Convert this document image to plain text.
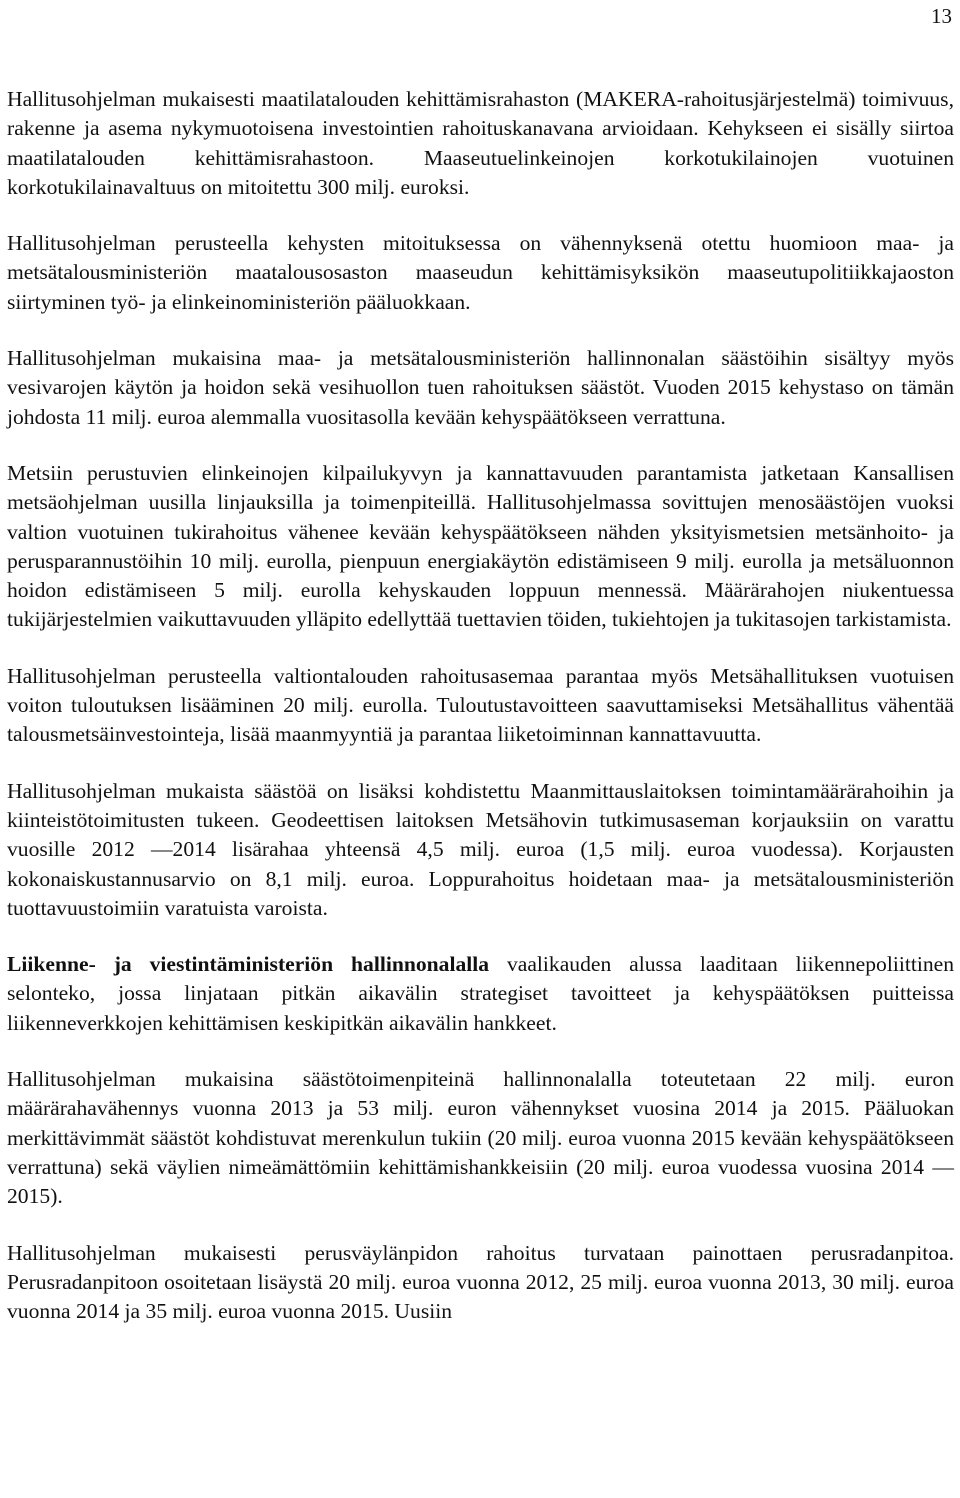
13

Hallitusohjelman mukaisesti maatilatalouden kehittämisrahaston (MAKERA-rahoitusjärjestelmä) toimivuus, rakenne ja asema nykymuotoisena investointien rahoituskanavana arvioidaan. Kehykseen ei sisälly siirtoa maatilatalouden kehittämisrahastoon. Maaseutuelinkeinojen korkotukilainojen vuotuinen korkotukilainavaltuus on mitoitettu 300 milj. euroksi.

Hallitusohjelman perusteella kehysten mitoituksessa on vähennyksenä otettu huomioon maa- ja metsätalousministeriön maatalousosaston maaseudun kehittämisyksikön maaseutupolitiikkajaoston siirtyminen työ- ja elinkeinoministeriön pääluokkaan.

Hallitusohjelman mukaisina maa- ja metsätalousministeriön hallinnonalan säästöihin sisältyy myös vesivarojen käytön ja hoidon sekä vesihuollon tuen rahoituksen säästöt. Vuoden 2015 kehystaso on tämän johdosta 11 milj. euroa alemmalla vuositasolla kevään kehyspäätökseen verrattuna.

Metsiin perustuvien elinkeinojen kilpailukyvyn ja kannattavuuden parantamista jatketaan Kansallisen metsäohjelman uusilla linjauksilla ja toimenpiteillä. Hallitusohjelmassa sovittujen menosäästöjen vuoksi valtion vuotuinen tukirahoitus vähenee kevään kehyspäätökseen nähden yksityismetsien metsänhoito- ja perusparannustöihin 10 milj. eurolla, pienpuun energiakäytön edistämiseen 9 milj. eurolla ja metsäluonnon hoidon edistämiseen 5 milj. eurolla kehyskauden loppuun mennessä. Määrärahojen niukentuessa tukijärjestelmien vaikuttavuuden ylläpito edellyttää tuettavien töiden, tukiehtojen ja tukitasojen tarkistamista.

Hallitusohjelman perusteella valtiontalouden rahoitusasemaa parantaa myös Metsähallituksen vuotuisen voiton tuloutuksen lisääminen 20 milj. eurolla. Tuloutustavoitteen saavuttamiseksi Metsähallitus vähentää talousmetsäinvestointeja, lisää maanmyyntiä ja parantaa liiketoiminnan kannattavuutta.

Hallitusohjelman mukaista säästöä on lisäksi kohdistettu Maanmittauslaitoksen toimintamäärärahoihin ja kiinteistötoimitusten tukeen. Geodeettisen laitoksen Metsähovin tutkimusaseman korjauksiin on varattu vuosille 2012 —2014 lisärahaa yhteensä 4,5 milj. euroa (1,5 milj. euroa vuodessa). Korjausten kokonaiskustannusarvio on 8,1 milj. euroa. Loppurahoitus hoidetaan maa- ja metsätalousministeriön tuottavuustoimiin varatuista varoista.

Liikenne- ja viestintäministeriön hallinnonalalla vaalikauden alussa laaditaan liikennepoliittinen selonteko, jossa linjataan pitkän aikavälin strategiset tavoitteet ja kehyspäätöksen puitteissa liikenneverkkojen kehittämisen keskipitkän aikavälin hankkeet.

Hallitusohjelman mukaisina säästötoimenpiteinä hallinnonalalla toteutetaan 22 milj. euron määrärahavähennys vuonna 2013 ja 53 milj. euron vähennykset vuosina 2014 ja 2015. Pääluokan merkittävimmät säästöt kohdistuvat merenkulun tukiin (20 milj. euroa vuonna 2015 kevään kehyspäätökseen verrattuna) sekä väylien nimeämättömiin kehittämishankkeisiin (20 milj. euroa vuodessa vuosina 2014 —2015).

Hallitusohjelman mukaisesti perusväylänpidon rahoitus turvataan painottaen perusradanpitoa. Perusradanpitoon osoitetaan lisäystä 20 milj. euroa vuonna 2012, 25 milj. euroa vuonna 2013, 30 milj. euroa vuonna 2014 ja 35 milj. euroa vuonna 2015. Uusiin
